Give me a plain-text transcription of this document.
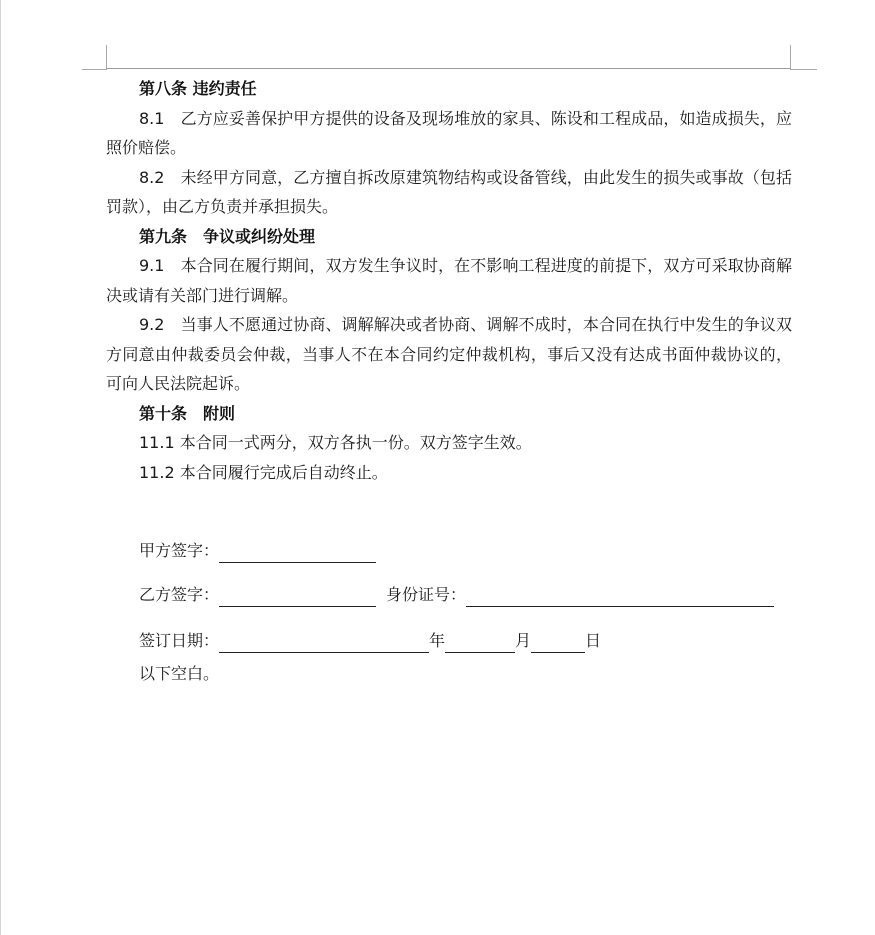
第八条 违约责任
8.1　乙方应妥善保护甲方提供的设备及现场堆放的家具、陈设和工程成品，如造成损失，应照价赔偿。
8.2　未经甲方同意，乙方擅自拆改原建筑物结构或设备管线，由此发生的损失或事故（包括罚款），由乙方负责并承担损失。
第九条 争议或纠纷处理
9.1　本合同在履行期间，双方发生争议时，在不影响工程进度的前提下，双方可采取协商解决或请有关部门进行调解。
9.2　当事人不愿通过协商、调解解决或者协商、调解不成时，本合同在执行中发生的争议双方同意由仲裁委员会仲裁，当事人不在本合同约定仲裁机构，事后又没有达成书面仲裁协议的，可向人民法院起诉。
第十条 附则
11.1 本合同一式两分，双方各执一份。双方签字生效。
11.2 本合同履行完成后自动终止。
甲方签字：
乙方签字：	身份证号：
签订日期：	年	月	日
以下空白。
